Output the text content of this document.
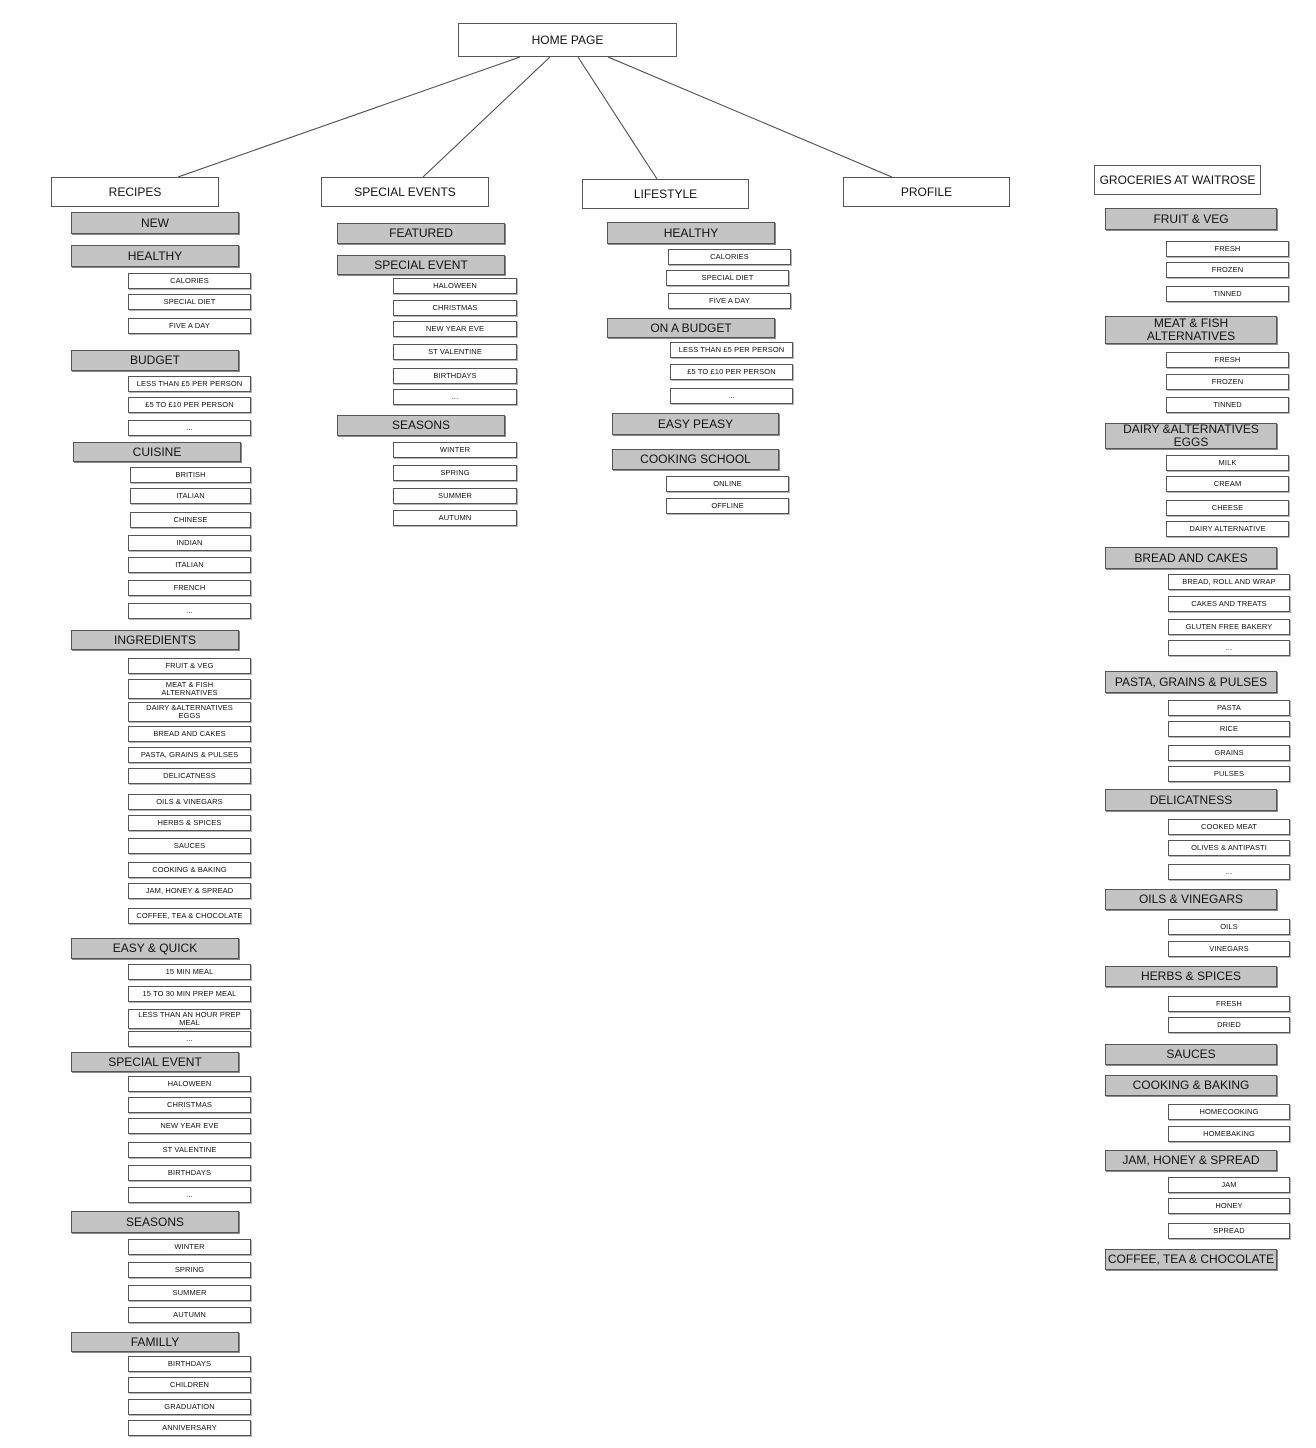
HOME PAGE
RECIPES	SPECIAL EVENTS	LIFESTYLE	PROFILE
GROCERIES AT WAITROSE
NEW
HEALTHY
CALORIES
SPECIAL DIET
FIVE A DAY
BUDGET
LESS THAN £5 PER PERSON
£5 TO £10 PER PERSON
...
CUISINE
BRITISH
ITALIAN
CHINESE
INDIAN
ITALIAN
FRENCH
...
INGREDIENTS
FRUIT & VEG
MEAT & FISH
ALTERNATIVES
DAIRY &ALTERNATIVES
EGGS
BREAD AND CAKES
PASTA, GRAINS & PULSES
DELICATNESS
OILS & VINEGARS
HERBS & SPICES
SAUCES
COOKING & BAKING
JAM, HONEY & SPREAD
COFFEE, TEA & CHOCOLATE
EASY & QUICK
15 MIN MEAL
15 TO 30 MIN PREP MEAL
LESS THAN AN HOUR PREP
MEAL
...
SPECIAL EVENT
HALOWEEN
CHRISTMAS
NEW YEAR EVE
ST VALENTINE
BIRTHDAYS
...
SEASONS
WINTER
SPRING
SUMMER
AUTUMN
FAMILLY
BIRTHDAYS
CHILDREN
GRADUATION
ANNIVERSARY
FEATURED
SPECIAL EVENT
HALOWEEN
CHRISTMAS
NEW YEAR EVE
ST VALENTINE
BIRTHDAYS
...
SEASONS
WINTER
SPRING
SUMMER
AUTUMN
HEALTHY
CALORIES
SPECIAL DIET
FIVE A DAY
ON A BUDGET
LESS THAN £5 PER PERSON
£5 TO £10 PER PERSON
...
EASY PEASY
COOKING SCHOOL
ONLINE
OFFLINE
FRUIT & VEG
FRESH
FROZEN
TINNED
MEAT & FISH
ALTERNATIVES
FRESH
FROZEN
TINNED
DAIRY &ALTERNATIVES
EGGS
MILK
CREAM
CHEESE
DAIRY ALTERNATIVE
BREAD AND CAKES
BREAD, ROLL AND WRAP
CAKES AND TREATS
GLUTEN FREE BAKERY
...
PASTA, GRAINS & PULSES
PASTA
RICE
GRAINS
PULSES
DELICATNESS
COOKED MEAT
OLIVES & ANTIPASTI
...
OILS & VINEGARS
OILS
VINEGARS
HERBS & SPICES
FRESH
DRIED
SAUCES
COOKING & BAKING
HOMECOOKING
HOMEBAKING
JAM, HONEY & SPREAD
JAM
HONEY
SPREAD
COFFEE, TEA & CHOCOLATE
